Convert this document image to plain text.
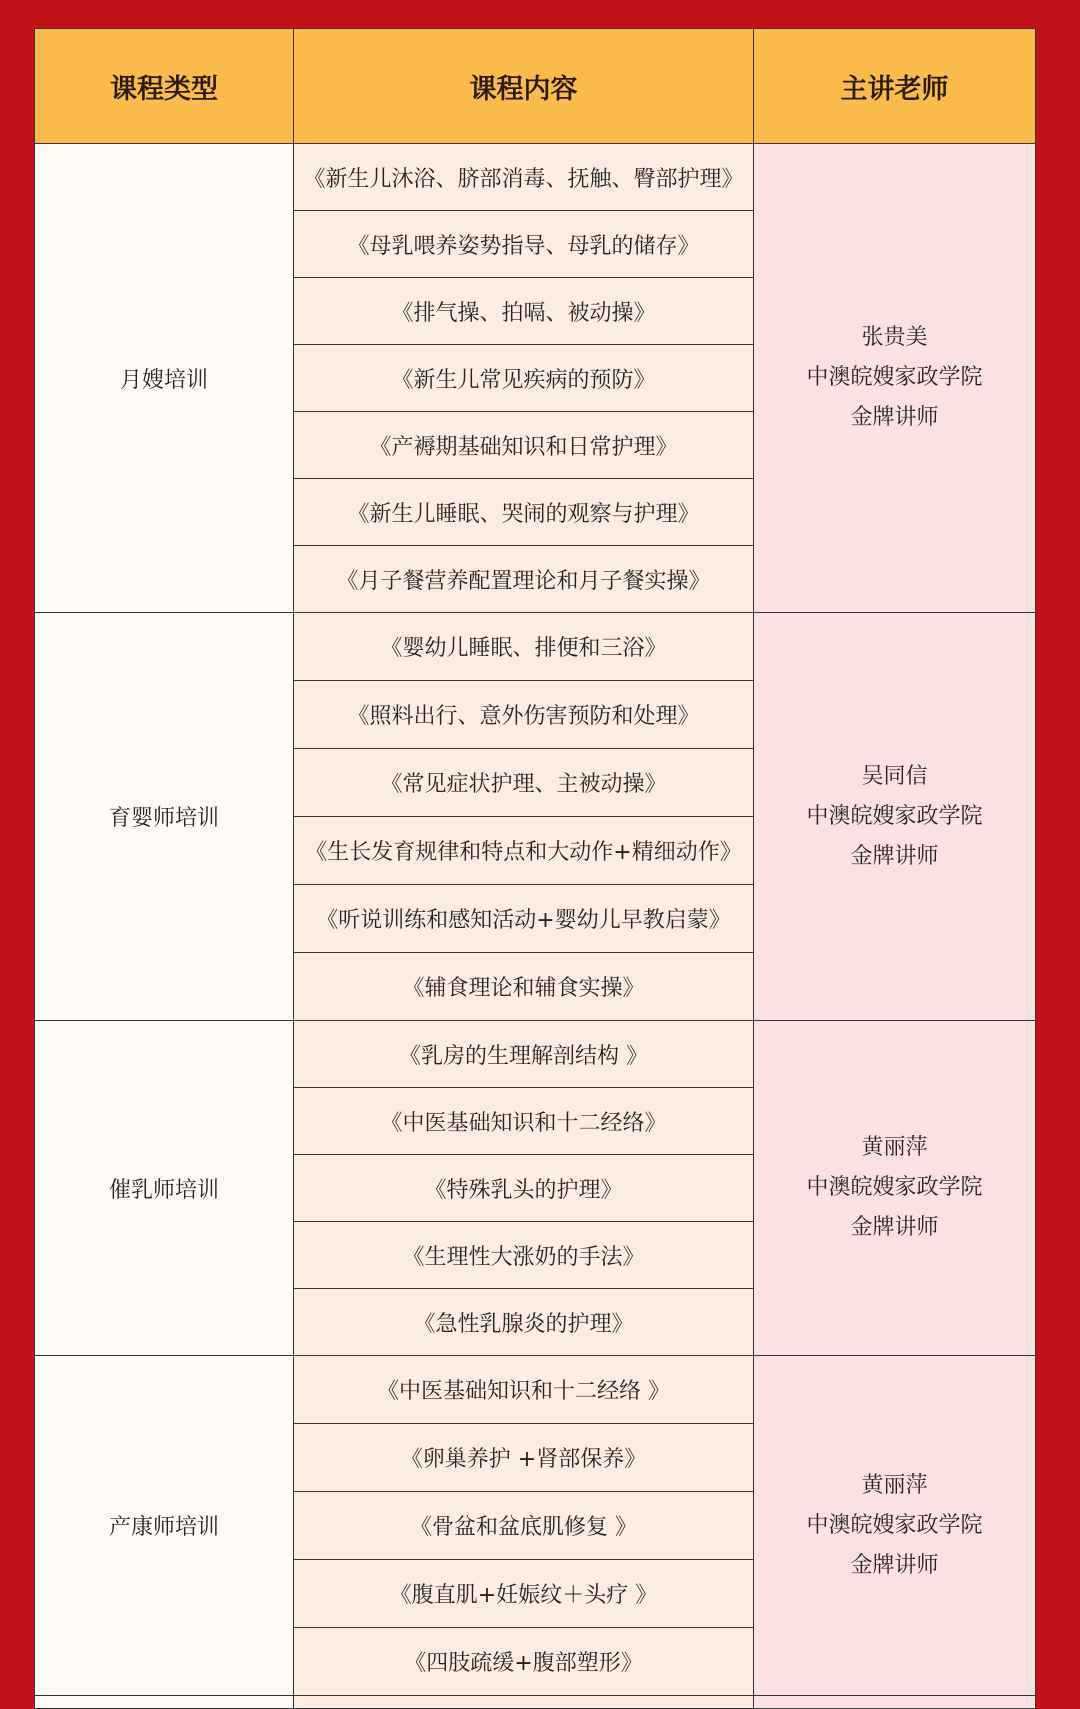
课程类型	课程内容	主讲老师
月嫂培训	《新生儿沐浴、脐部消毒、抚触、臀部护理》	张贵美
中澳皖嫂家政学院
金牌讲师

	《母乳喂养姿势指导、母乳的储存》	
	《排气操、拍嗝、被动操》	
	《新生儿常见疾病的预防》	
	《产褥期基础知识和日常护理》	
	《新生儿睡眠、哭闹的观察与护理》	
	《月子餐营养配置理论和月子餐实操》	
育婴师培训	《婴幼儿睡眠、排便和三浴》	吴同信
中澳皖嫂家政学院
金牌讲师

	《照料出行、意外伤害预防和处理》	
	《常见症状护理、主被动操》	
	《生长发育规律和特点和大动作+精细动作》	
	《听说训练和感知活动+婴幼儿早教启蒙》	
	《辅食理论和辅食实操》	
催乳师培训	《乳房的生理解剖结构 》	黄丽萍
中澳皖嫂家政学院
金牌讲师

	《中医基础知识和十二经络》	
	《特殊乳头的护理》	
	《生理性大涨奶的手法》	
	《急性乳腺炎的护理》	
产康师培训	《中医基础知识和十二经络 》	黄丽萍
中澳皖嫂家政学院
金牌讲师

	《卵巢养护 +肾部保养》	
	《骨盆和盆底肌修复 》	
	《腹直肌+妊娠纹＋头疗 》	
	《四肢疏缓+腹部塑形》	
